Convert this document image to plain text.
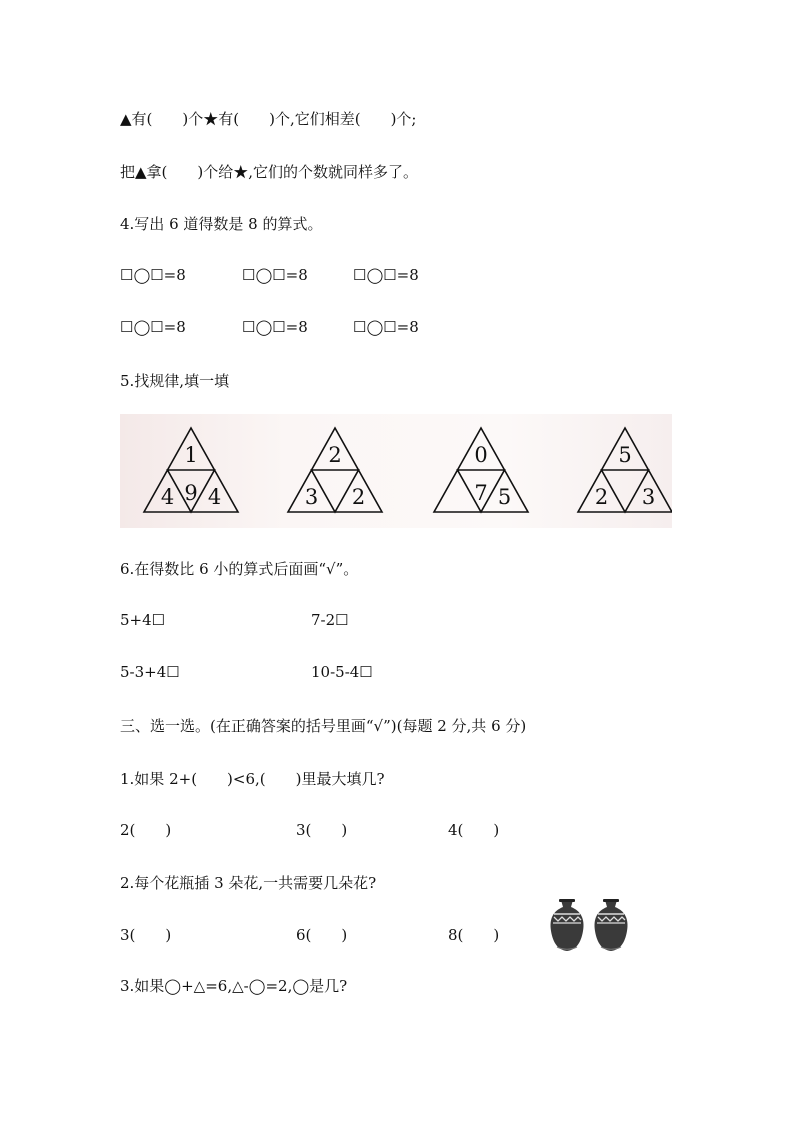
▲有(　　)个★有(　　)个,它们相差(　　)个;
把▲拿(　　)个给★,它们的个数就同样多了。
4.写出 6 道得数是 8 的算式。
☐◯☐=8	☐◯☐=8	☐◯☐=8
☐◯☐=8	☐◯☐=8	☐◯☐=8
5.找规律,填一填
1
9
4 4
2
3 2
0
7 5
5
2 3
6.在得数比 6 小的算式后面画“√”。
5+4☐	7-2☐
5-3+4☐	10-5-4☐
三、选一选。(在正确答案的括号里画“√”)(每题 2 分,共 6 分)
1.如果 2+(　　)<6,(　　)里最大填几?
2(　　)	3(　　)	4(　　)
2.每个花瓶插 3 朵花,一共需要几朵花?
3(　　)	6(　　)	8(　　)
3.如果◯+△=6,△-◯=2,◯是几?
